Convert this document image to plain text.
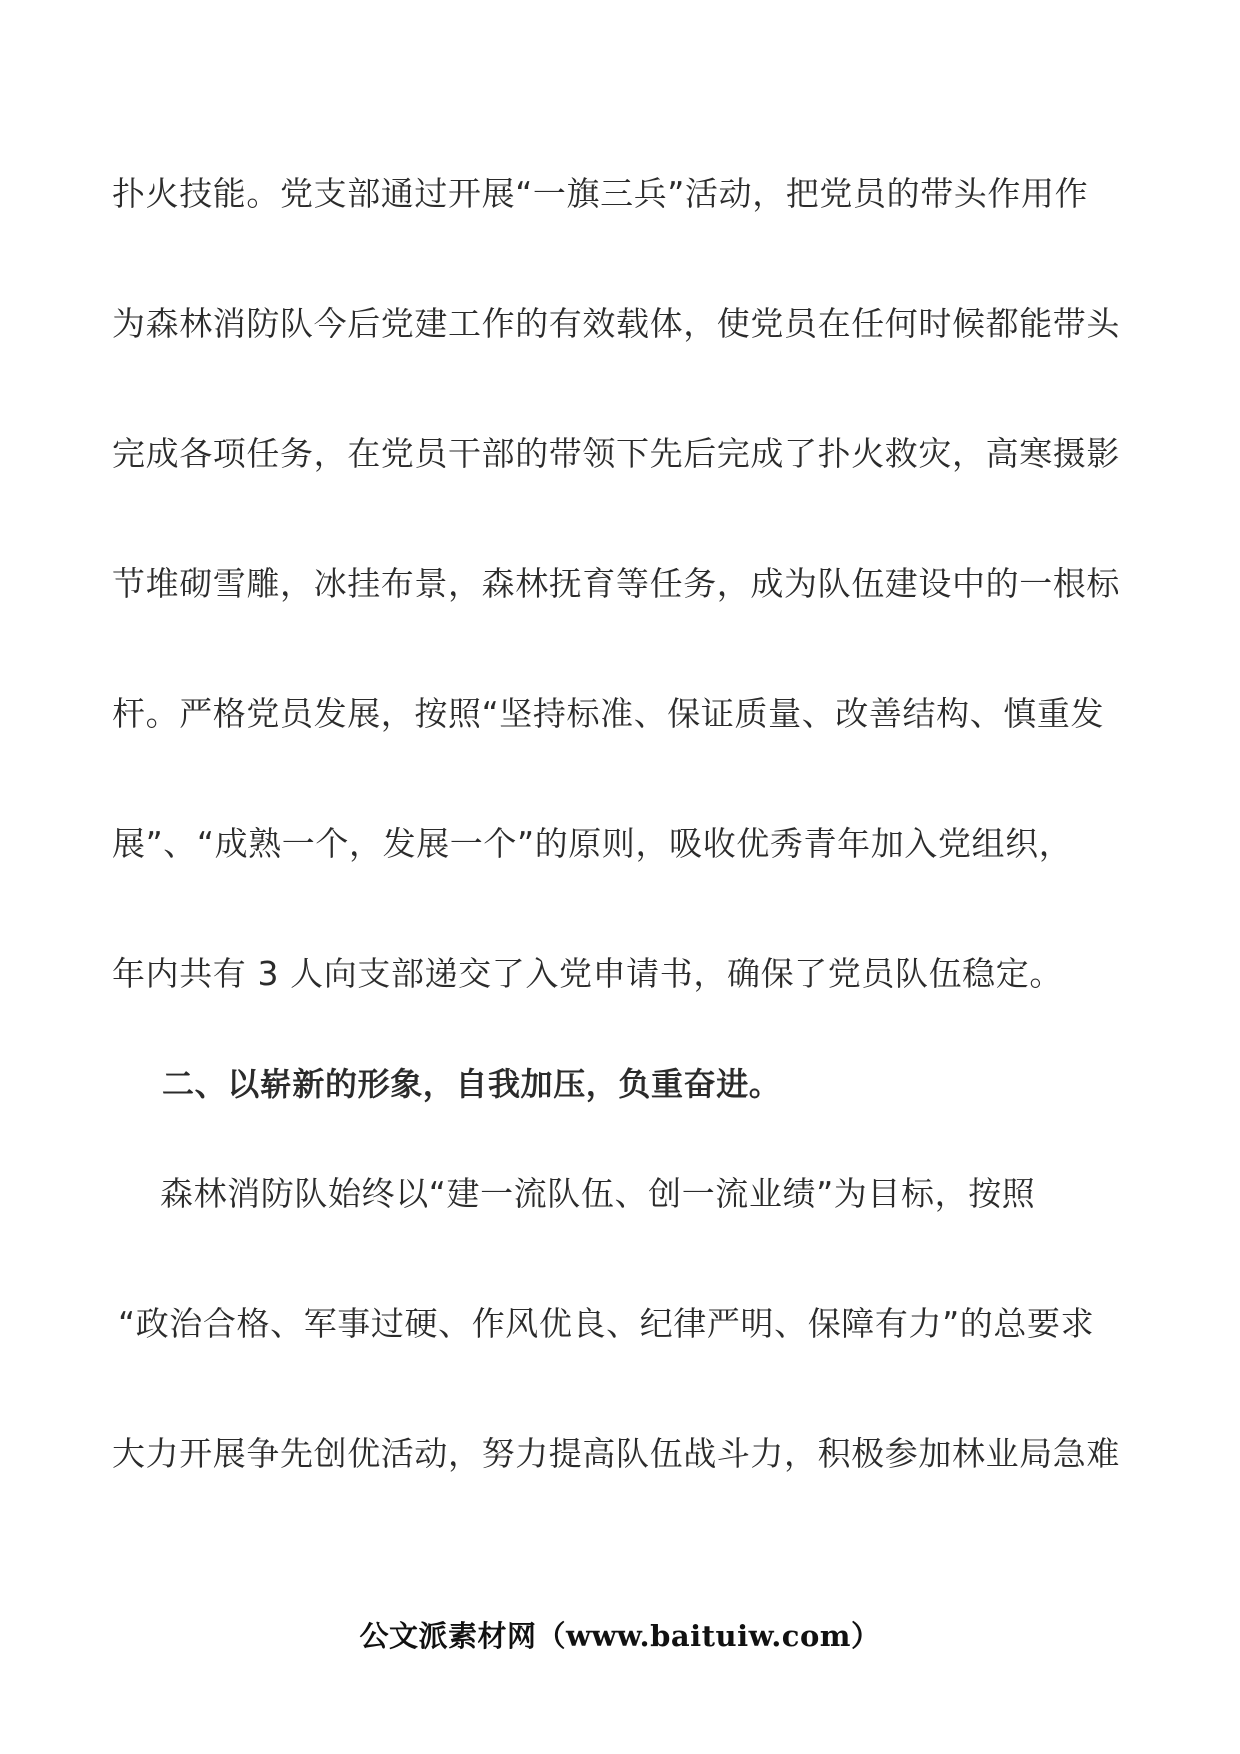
扑火技能。党支部通过开展“一旗三兵”活动，把党员的带头作用作
为森林消防队今后党建工作的有效载体，使党员在任何时候都能带头
完成各项任务，在党员干部的带领下先后完成了扑火救灾，高寒摄影
节堆砌雪雕，冰挂布景，森林抚育等任务，成为队伍建设中的一根标
杆。严格党员发展，按照“坚持标准、保证质量、改善结构、慎重发
展”、“成熟一个，发展一个”的原则，吸收优秀青年加入党组织，
年内共有 3 人向支部递交了入党申请书，确保了党员队伍稳定。
二、以崭新的形象，自我加压，负重奋进。
森林消防队始终以“建一流队伍、创一流业绩”为目标，按照
“政治合格、军事过硬、作风优良、纪律严明、保障有力”的总要求
大力开展争先创优活动，努力提高队伍战斗力，积极参加林业局急难
公文派素材网（www.baituiw.com）
